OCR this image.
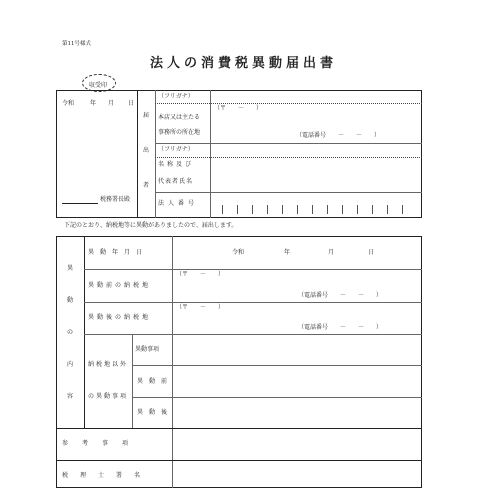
第11号様式
法人の消費税異動届出書
収受印
令和	年 月 日
税務署長殿
届
出
者
（フリガナ）
本店又は主たる
事務所の所在地
（〒　　－　　）
（電話番号　　－　　－　　）
（フリガナ）
名称及び
代表者氏名
法人番号
下記のとおり、納税地等に異動がありましたので、届出します。
異
動
の
内
容
異動年月日	令和	年	月	日
異動前の納税地
（〒　　－　　）
（電話番号　　－　　－　　）
異動後の納税地
（〒　　－　　）
（電話番号　　－　　－　　）
納税地以外
の異動事項
異動事項
異動前
異動後
参考事項
税理士署名
